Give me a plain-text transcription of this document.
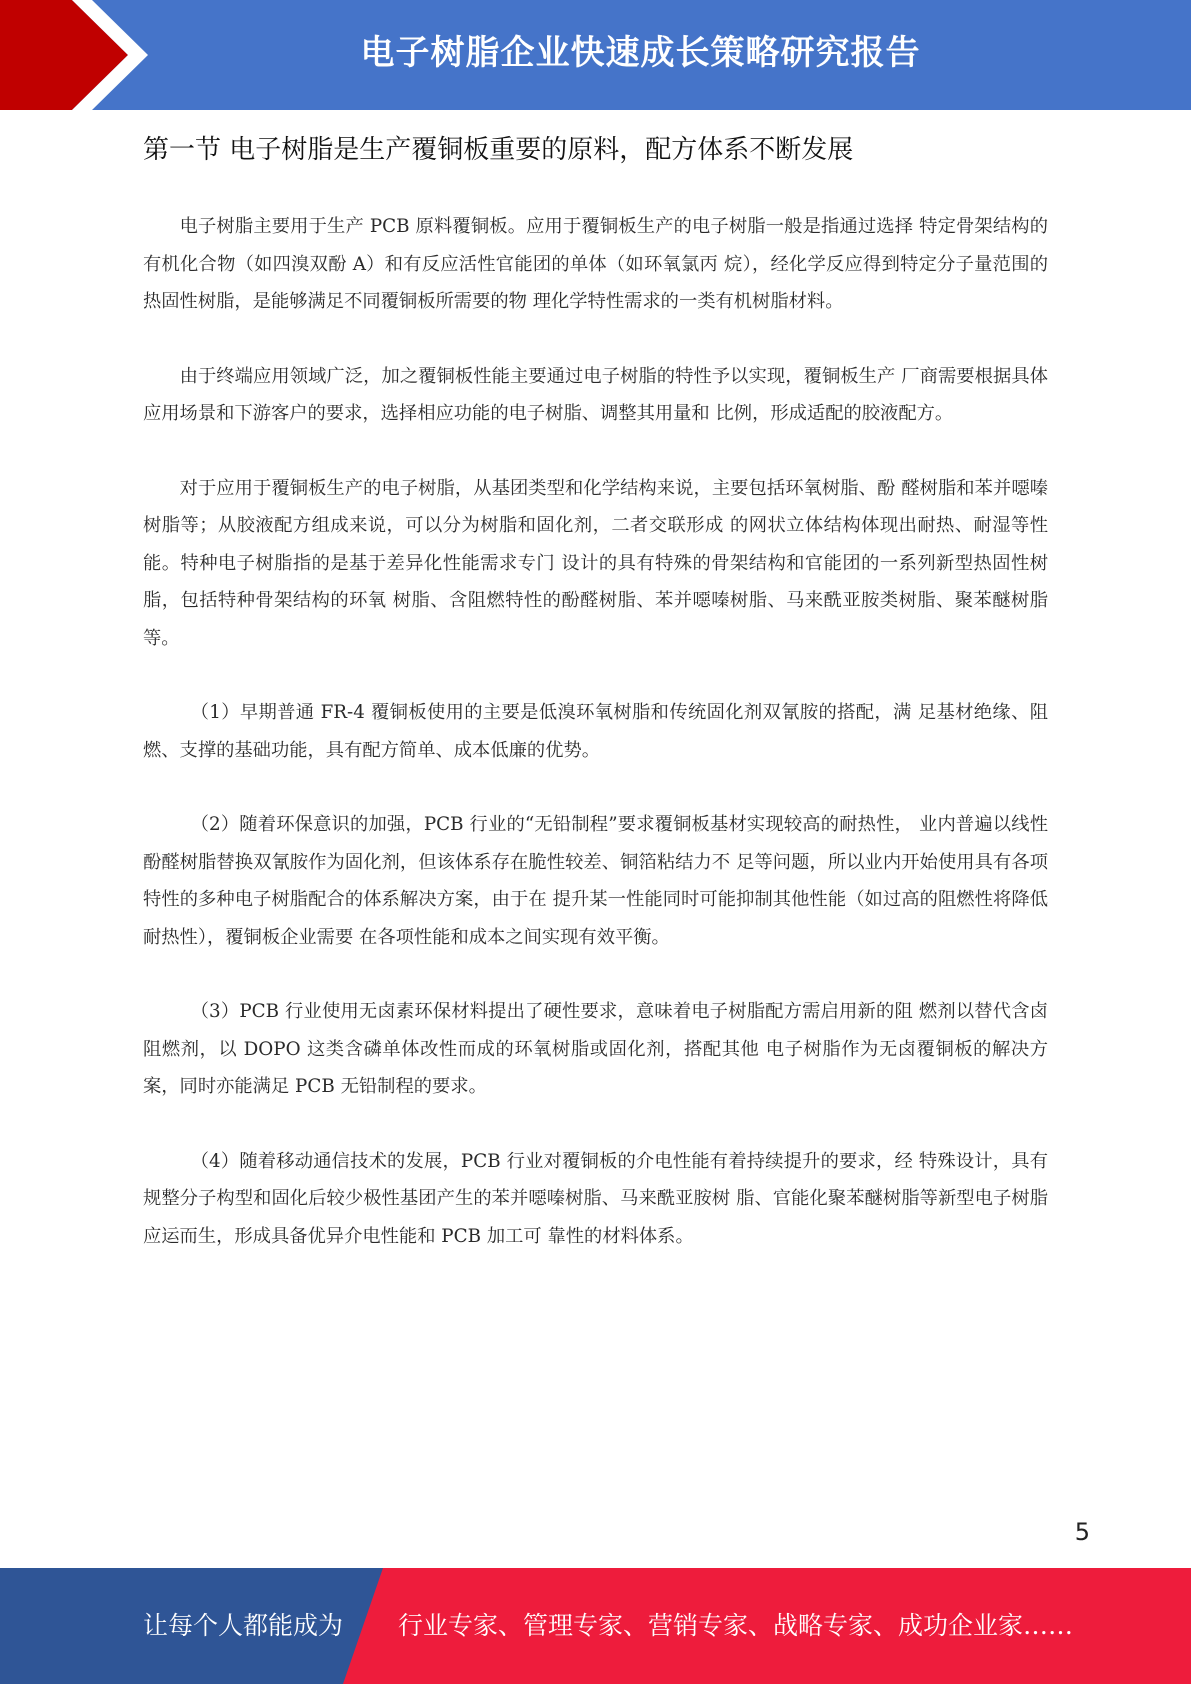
电子树脂企业快速成长策略研究报告
第一节 电子树脂是生产覆铜板重要的原料，配方体系不断发展

电子树脂主要用于生产 PCB 原料覆铜板。应用于覆铜板生产的电子树脂一般是指通过选择 特定骨架结构的有机化合物（如四溴双酚 A）和有反应活性官能团的单体（如环氧氯丙 烷），经化学反应得到特定分子量范围的热固性树脂，是能够满足不同覆铜板所需要的物 理化学特性需求的一类有机树脂材料。

由于终端应用领域广泛，加之覆铜板性能主要通过电子树脂的特性予以实现，覆铜板生产 厂商需要根据具体应用场景和下游客户的要求，选择相应功能的电子树脂、调整其用量和 比例，形成适配的胶液配方。

对于应用于覆铜板生产的电子树脂，从基团类型和化学结构来说，主要包括环氧树脂、酚 醛树脂和苯并噁嗪树脂等；从胶液配方组成来说，可以分为树脂和固化剂，二者交联形成 的网状立体结构体现出耐热、耐湿等性能。特种电子树脂指的是基于差异化性能需求专门 设计的具有特殊的骨架结构和官能团的一系列新型热固性树脂，包括特种骨架结构的环氧 树脂、含阻燃特性的酚醛树脂、苯并噁嗪树脂、马来酰亚胺类树脂、聚苯醚树脂等。

（1）早期普通 FR-4 覆铜板使用的主要是低溴环氧树脂和传统固化剂双氰胺的搭配，满 足基材绝缘、阻燃、支撑的基础功能，具有配方简单、成本低廉的优势。

（2）随着环保意识的加强，PCB 行业的“无铅制程”要求覆铜板基材实现较高的耐热性， 业内普遍以线性酚醛树脂替换双氰胺作为固化剂，但该体系存在脆性较差、铜箔粘结力不 足等问题，所以业内开始使用具有各项特性的多种电子树脂配合的体系解决方案，由于在 提升某一性能同时可能抑制其他性能（如过高的阻燃性将降低耐热性），覆铜板企业需要 在各项性能和成本之间实现有效平衡。

（3）PCB 行业使用无卤素环保材料提出了硬性要求，意味着电子树脂配方需启用新的阻 燃剂以替代含卤阻燃剂，以 DOPO 这类含磷单体改性而成的环氧树脂或固化剂，搭配其他 电子树脂作为无卤覆铜板的解决方案，同时亦能满足 PCB 无铅制程的要求。

（4）随着移动通信技术的发展，PCB 行业对覆铜板的介电性能有着持续提升的要求，经 特殊设计，具有规整分子构型和固化后较少极性基团产生的苯并噁嗪树脂、马来酰亚胺树 脂、官能化聚苯醚树脂等新型电子树脂应运而生，形成具备优异介电性能和 PCB 加工可 靠性的材料体系。

5
让每个人都能成为 行业专家、管理专家、营销专家、战略专家、成功企业家……
